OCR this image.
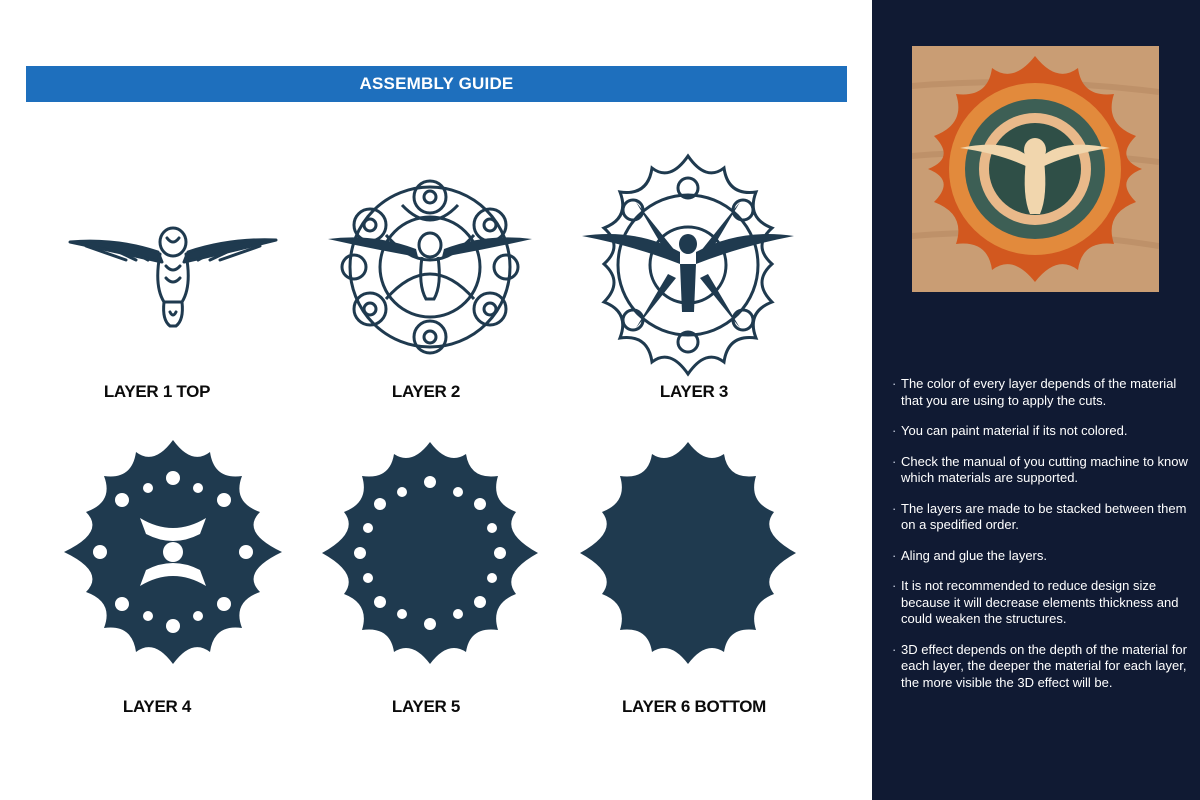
ASSEMBLY GUIDE
LAYER 1 TOP	LAYER 2	LAYER 3
LAYER 4	LAYER 5	LAYER 6 BOTTOM
· The color of every layer depends of the material that you are using to apply the cuts.
· You can paint material if its not colored.
· Check the manual of you cutting machine to know which materials are supported.
· The layers are made to be stacked between them on a spedified order.
· Aling and glue the layers.
· It is not recommended to reduce design size because it will decrease elements thickness and could weaken the structures.
· 3D effect depends on the depth of the material for each layer, the deeper the material for each layer, the more visible the 3D effect will be.
